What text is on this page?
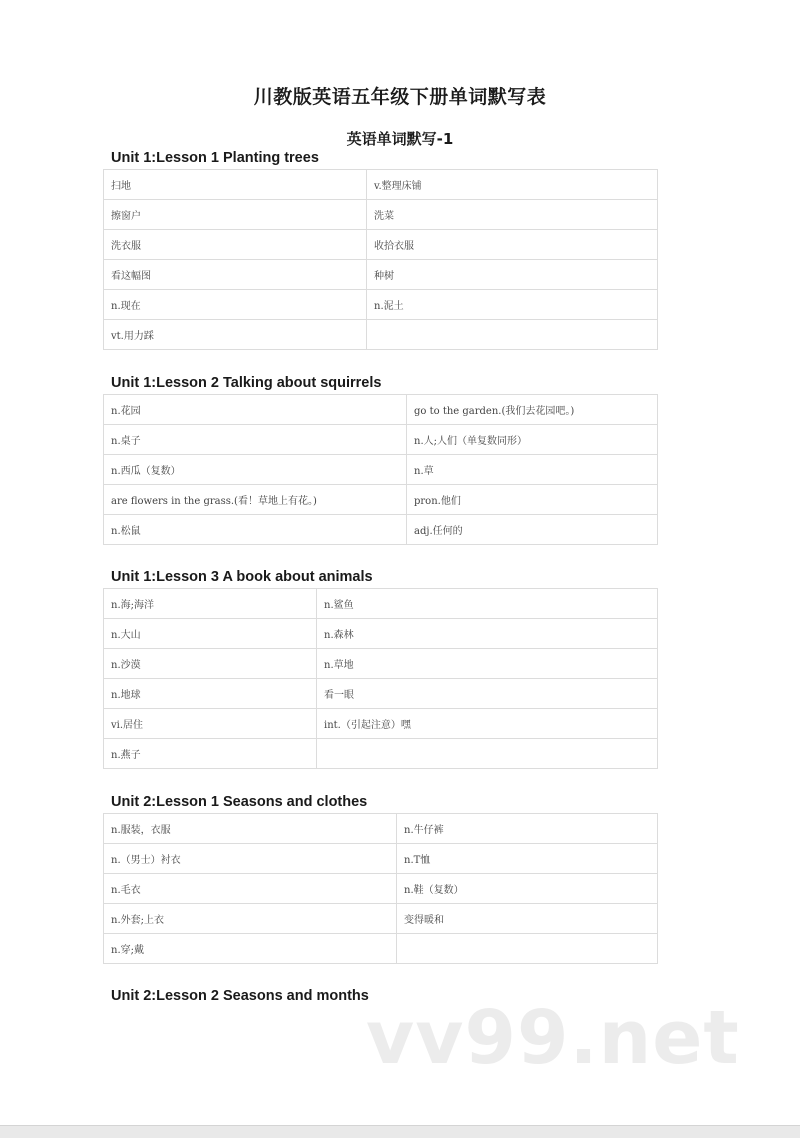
川教版英语五年级下册单词默写表
英语单词默写-1
Unit 1:Lesson 1 Planting trees
扫地	v.整理床铺
擦窗户	洗菜
洗衣服	收拾衣服
看这幅图	种树
n.现在	n.泥土
vt.用力踩	
Unit 1:Lesson 2 Talking about squirrels
n.花园	go to the garden.(我们去花园吧。)
n.桌子	n.人;人们（单复数同形）
n.西瓜（复数）	n.草
are flowers in the grass.(看！草地上有花。)	pron.他们
n.松鼠	adj.任何的
Unit 1:Lesson 3 A book about animals
n.海;海洋	n.鲨鱼
n.大山	n.森林
n.沙漠	n.草地
n.地球	看一眼
vi.居住	int.（引起注意）嘿
n.燕子	
Unit 2:Lesson 1 Seasons and clothes
n.服装，衣服	n.牛仔裤
n.（男士）衬衣	n.T恤
n.毛衣	n.鞋（复数）
n.外套;上衣	变得暖和
n.穿;戴	
Unit 2:Lesson 2 Seasons and months
vv99.net
